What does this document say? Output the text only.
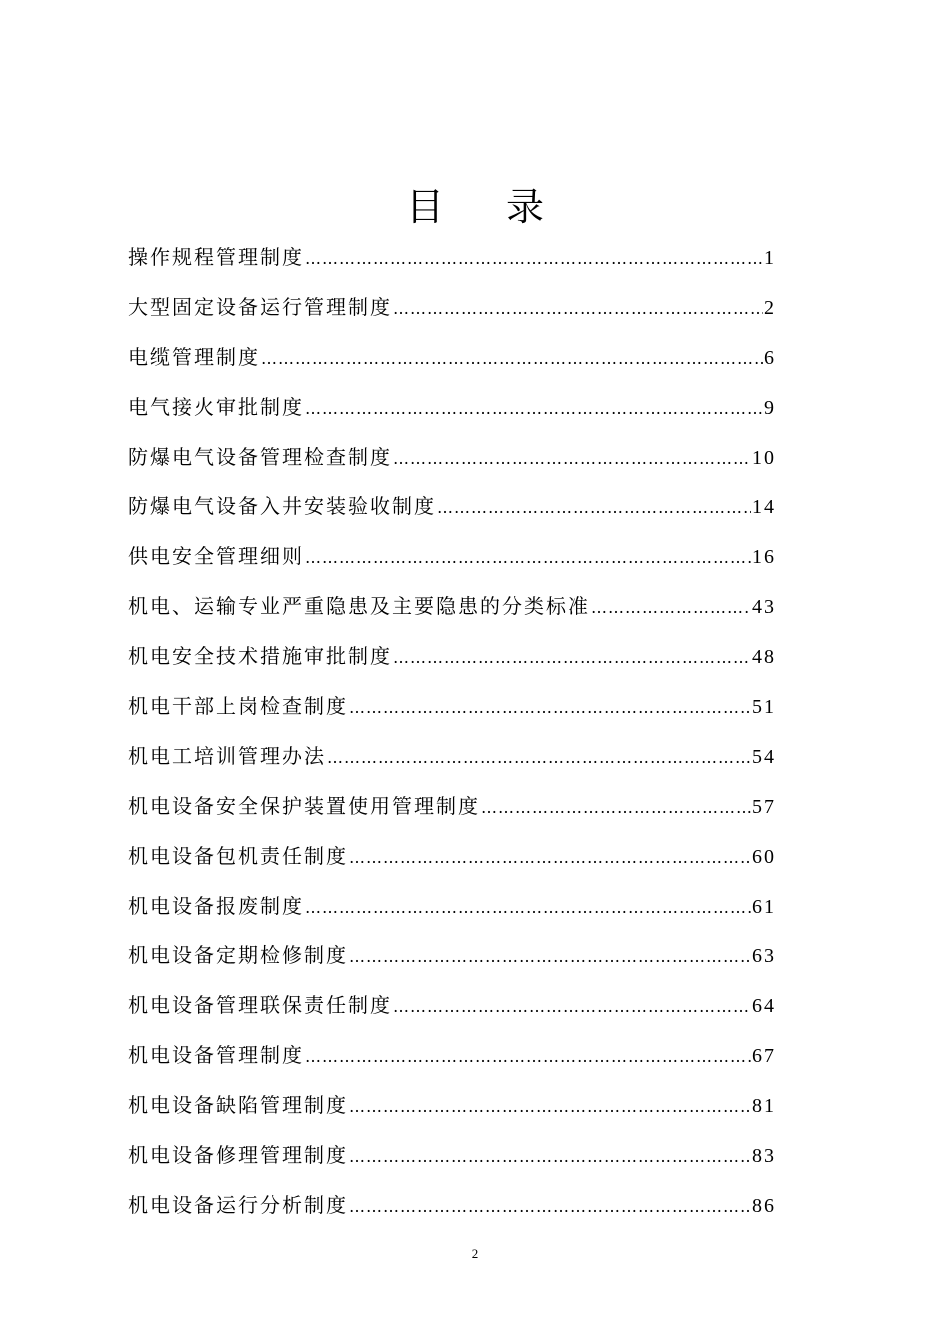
目 录
操作规程管理制度 ……………………………………………………………………………………………………………………………………………………………………	1
大型固定设备运行管理制度 ……………………………………………………………………………………………………………………………………………………………………	2
电缆管理制度 ……………………………………………………………………………………………………………………………………………………………………	6
电气接火审批制度 ……………………………………………………………………………………………………………………………………………………………………	9
防爆电气设备管理检查制度 ……………………………………………………………………………………………………………………………………………………………………	10
防爆电气设备入井安装验收制度 ……………………………………………………………………………………………………………………………………………………………………	14
供电安全管理细则 ……………………………………………………………………………………………………………………………………………………………………	16
机电、运输专业严重隐患及主要隐患的分类标准 ……………………………………………………………………………………………………………………………………………………………………	43
机电安全技术措施审批制度 ……………………………………………………………………………………………………………………………………………………………………	48
机电干部上岗检查制度 ……………………………………………………………………………………………………………………………………………………………………	51
机电工培训管理办法 ……………………………………………………………………………………………………………………………………………………………………	54
机电设备安全保护装置使用管理制度 ……………………………………………………………………………………………………………………………………………………………………	57
机电设备包机责任制度 ……………………………………………………………………………………………………………………………………………………………………	60
机电设备报废制度 ……………………………………………………………………………………………………………………………………………………………………	61
机电设备定期检修制度 ……………………………………………………………………………………………………………………………………………………………………	63
机电设备管理联保责任制度 ……………………………………………………………………………………………………………………………………………………………………	64
机电设备管理制度 ……………………………………………………………………………………………………………………………………………………………………	67
机电设备缺陷管理制度 ……………………………………………………………………………………………………………………………………………………………………	81
机电设备修理管理制度 ……………………………………………………………………………………………………………………………………………………………………	83
机电设备运行分析制度 ……………………………………………………………………………………………………………………………………………………………………	86
2
